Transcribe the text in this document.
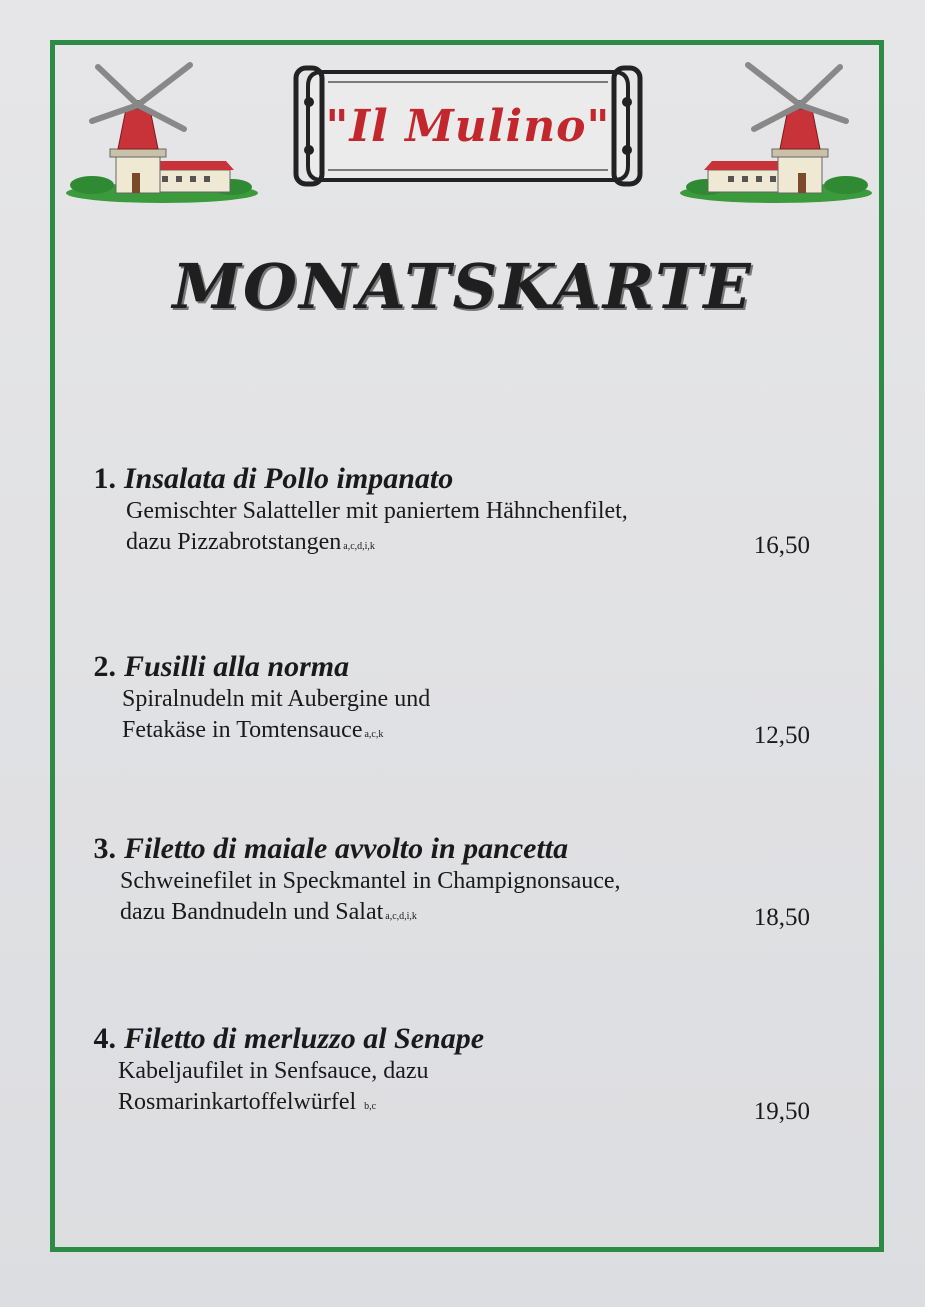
"Il Mulino"
MONATSKARTE
1. Insalata di Pollo impanato
Gemischter Salatteller mit paniertem Hähnchenfilet,
dazu Pizzabrotstangen a,c,d,i,k	16,50
2. Fusilli alla norma
Spiralnudeln mit Aubergine und
Fetakäse in Tomtensauce a,c,k	12,50
3. Filetto di maiale avvolto in pancetta
Schweinefilet in Speckmantel in Champignonsauce,
dazu Bandnudeln und Salat a,c,d,i,k	18,50
4. Filetto di merluzzo al Senape
Kabeljaufilet in Senfsauce, dazu
Rosmarinkartoffelwürfel b,c	19,50
